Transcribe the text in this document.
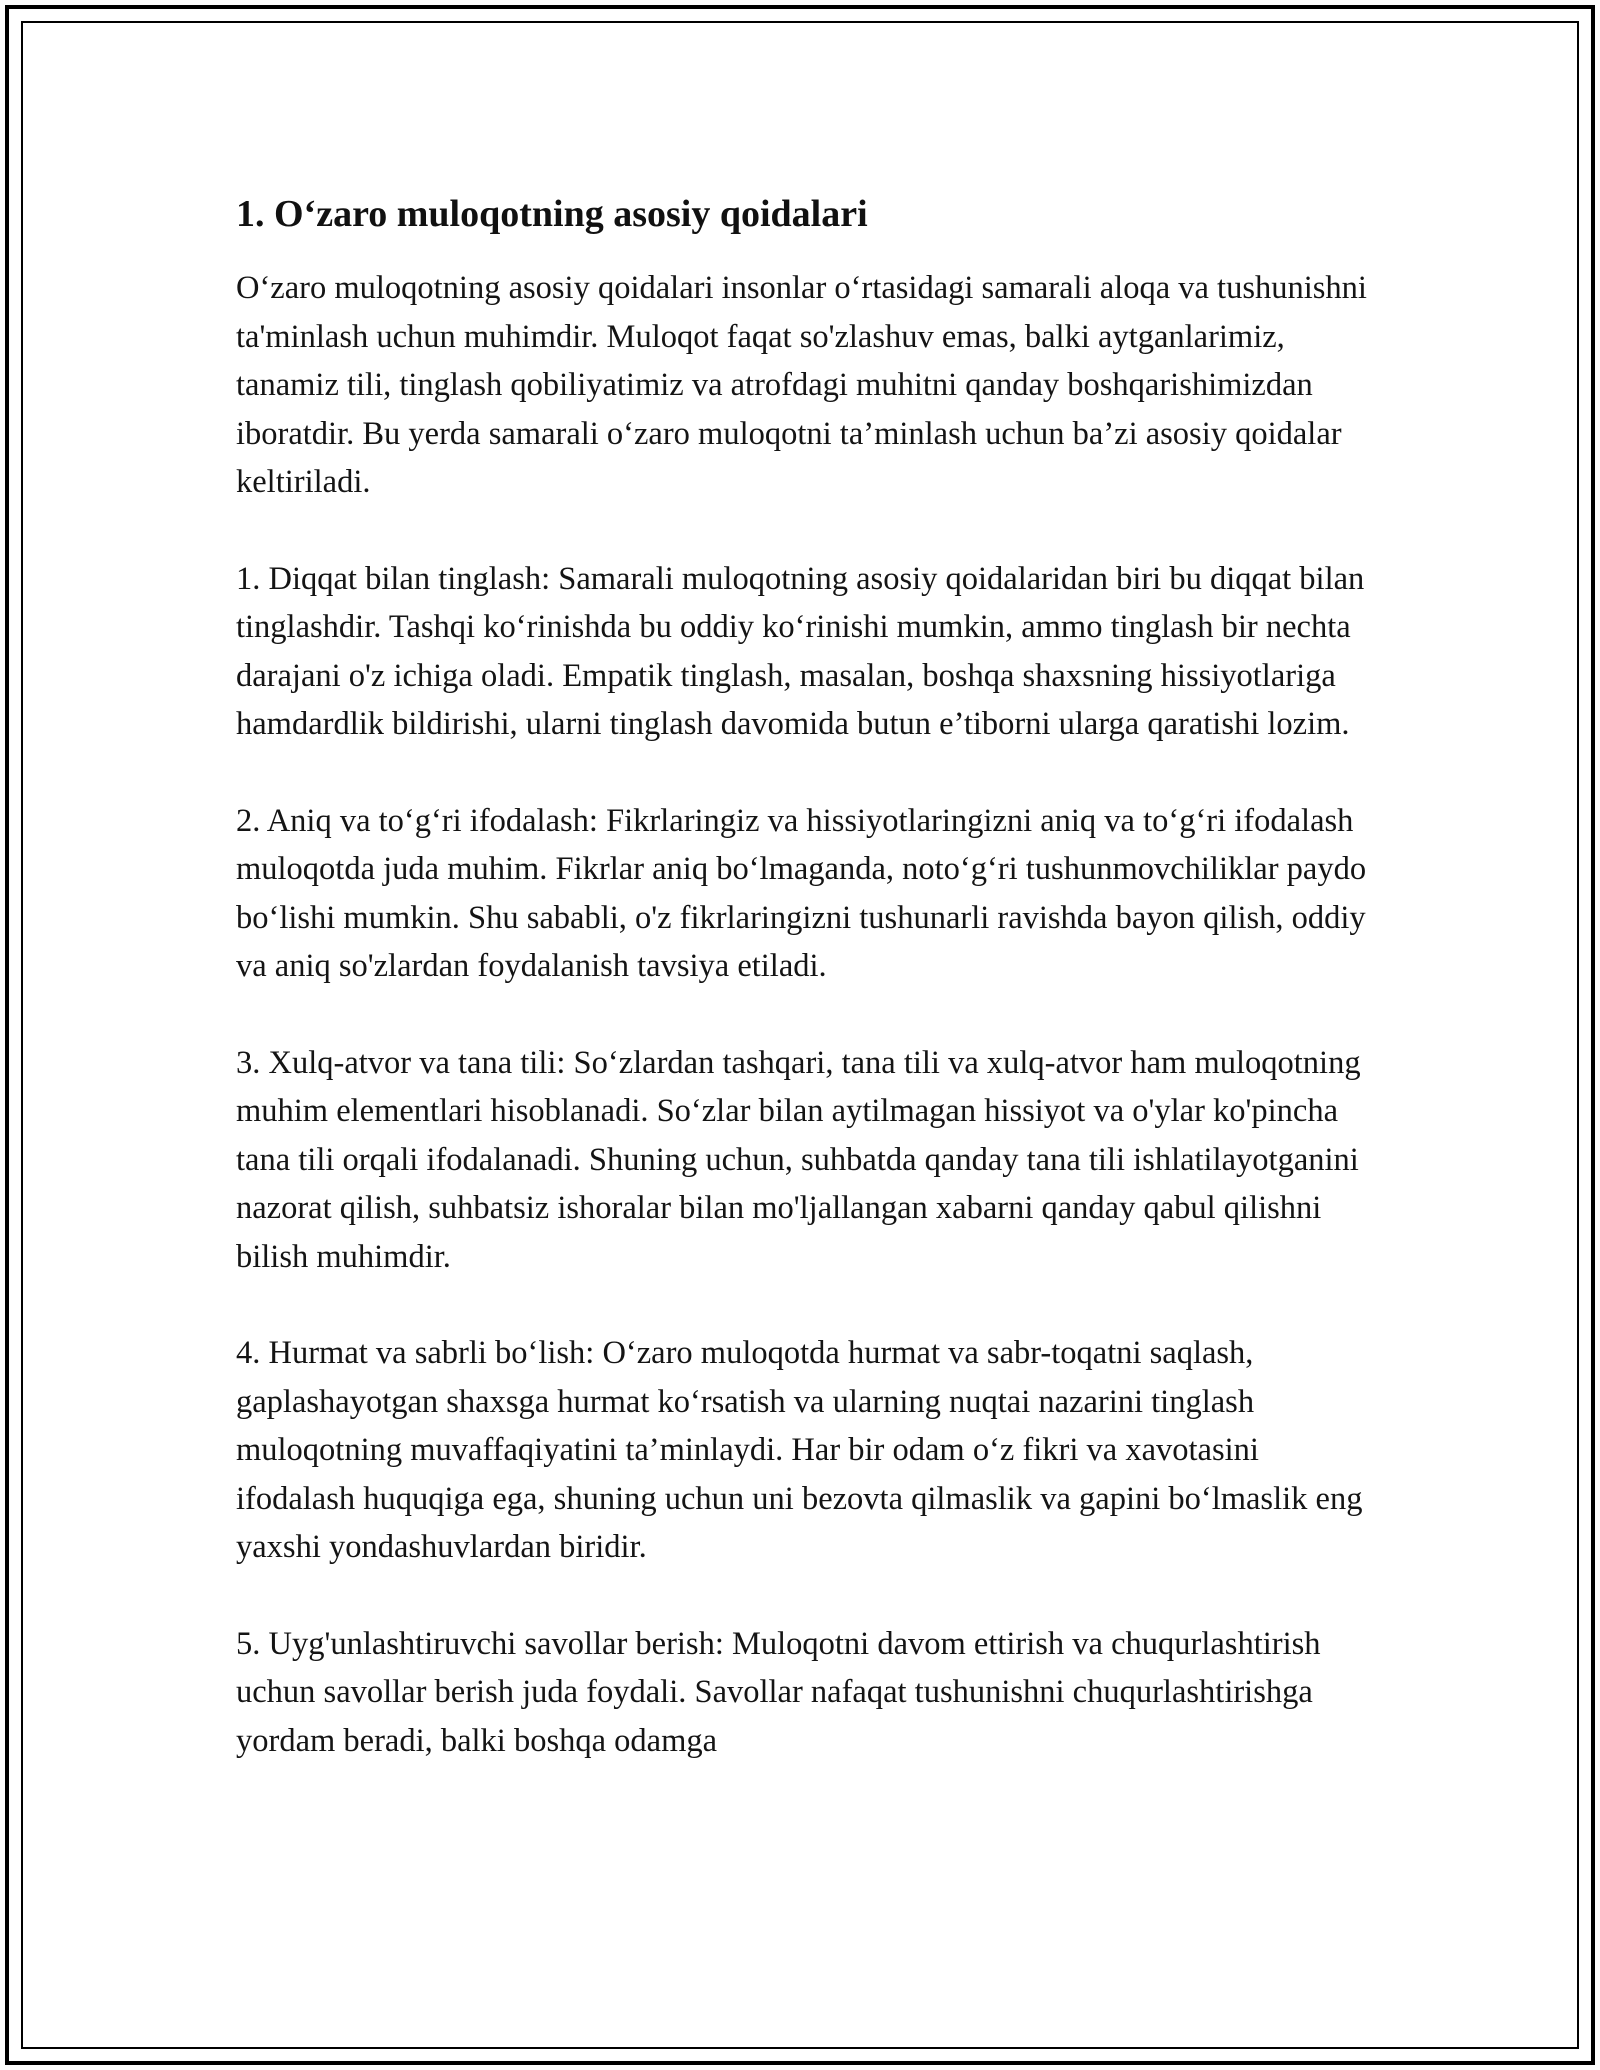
1. O‘zaro muloqotning asosiy qoidalari

O‘zaro muloqotning asosiy qoidalari insonlar o‘rtasidagi samarali aloqa va tushunishni ta'minlash uchun muhimdir. Muloqot faqat so'zlashuv emas, balki aytganlarimiz, tanamiz tili, tinglash qobiliyatimiz va atrofdagi muhitni qanday boshqarishimizdan iboratdir. Bu yerda samarali o‘zaro muloqotni ta’minlash uchun ba’zi asosiy qoidalar keltiriladi.

1. Diqqat bilan tinglash: Samarali muloqotning asosiy qoidalaridan biri bu diqqat bilan tinglashdir. Tashqi ko‘rinishda bu oddiy ko‘rinishi mumkin, ammo tinglash bir nechta darajani o'z ichiga oladi. Empatik tinglash, masalan, boshqa shaxsning hissiyotlariga hamdardlik bildirishi, ularni tinglash davomida butun e’tiborni ularga qaratishi lozim.

2. Aniq va to‘g‘ri ifodalash: Fikrlaringiz va hissiyotlaringizni aniq va to‘g‘ri ifodalash muloqotda juda muhim. Fikrlar aniq bo‘lmaganda, noto‘g‘ri tushunmovchiliklar paydo bo‘lishi mumkin. Shu sababli, o'z fikrlaringizni tushunarli ravishda bayon qilish, oddiy va aniq so'zlardan foydalanish tavsiya etiladi.

3. Xulq-atvor va tana tili: So‘zlardan tashqari, tana tili va xulq-atvor ham muloqotning muhim elementlari hisoblanadi. So‘zlar bilan aytilmagan hissiyot va o'ylar ko'pincha tana tili orqali ifodalanadi. Shuning uchun, suhbatda qanday tana tili ishlatilayotganini nazorat qilish, suhbatsiz ishoralar bilan mo'ljallangan xabarni qanday qabul qilishni bilish muhimdir.

4. Hurmat va sabrli bo‘lish: O‘zaro muloqotda hurmat va sabr-toqatni saqlash, gaplashayotgan shaxsga hurmat ko‘rsatish va ularning nuqtai nazarini tinglash muloqotning muvaffaqiyatini ta’minlaydi. Har bir odam o‘z fikri va xavotasini ifodalash huquqiga ega, shuning uchun uni bezovta qilmaslik va gapini bo‘lmaslik eng yaxshi yondashuvlardan biridir.

5. Uyg'unlashtiruvchi savollar berish: Muloqotni davom ettirish va chuqurlashtirish uchun savollar berish juda foydali. Savollar nafaqat tushunishni chuqurlashtirishga yordam beradi, balki boshqa odamga
